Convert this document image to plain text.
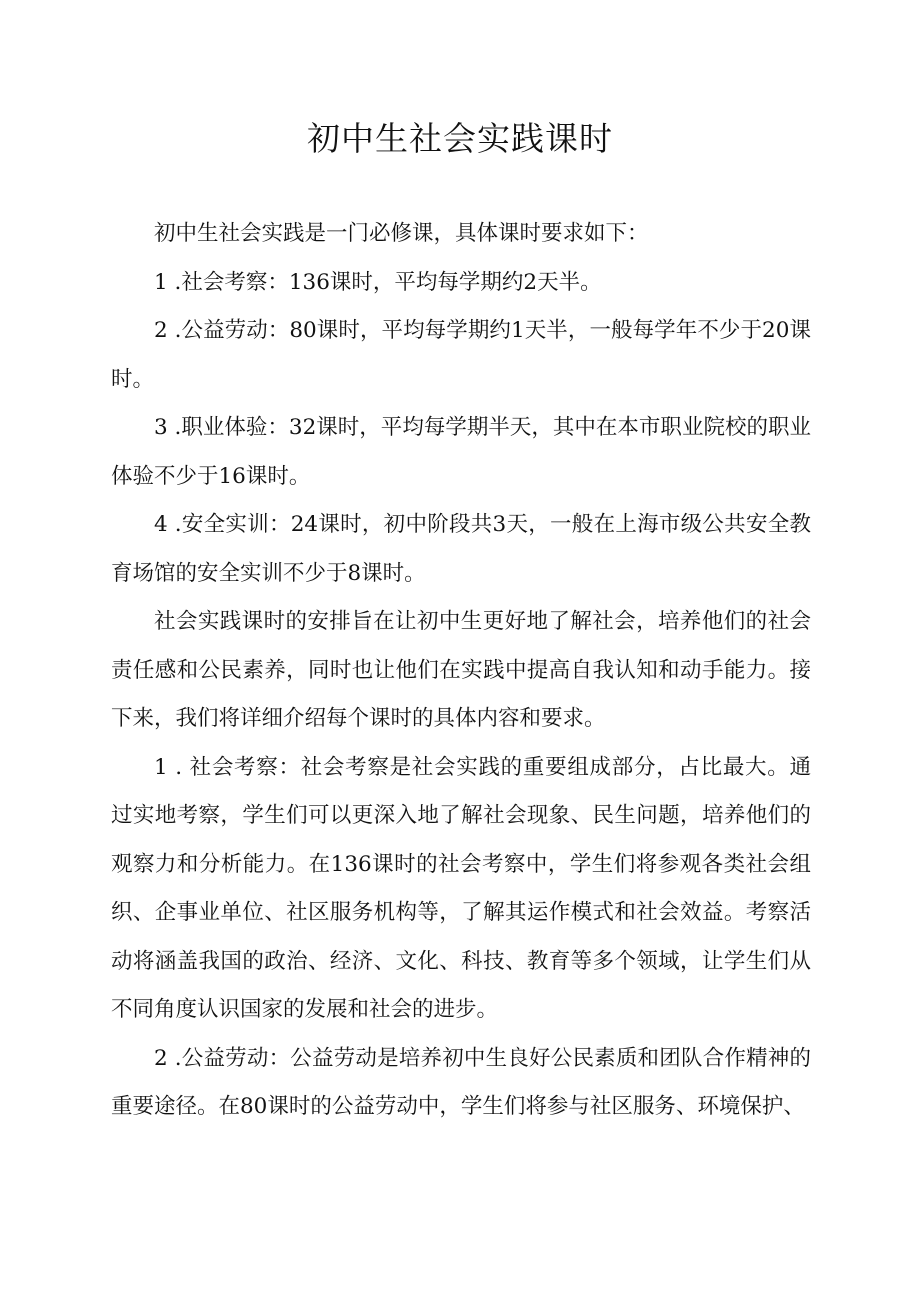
初中生社会实践课时

初中生社会实践是一门必修课，具体课时要求如下：

1 .社会考察：136课时，平均每学期约2天半。

2 .公益劳动：80课时，平均每学期约1天半，一般每学年不少于20课时。

3 .职业体验：32课时，平均每学期半天，其中在本市职业院校的职业体验不少于16课时。

4 .安全实训：24课时，初中阶段共3天，一般在上海市级公共安全教育场馆的安全实训不少于8课时。

社会实践课时的安排旨在让初中生更好地了解社会，培养他们的社会责任感和公民素养，同时也让他们在实践中提高自我认知和动手能力。接下来，我们将详细介绍每个课时的具体内容和要求。

1 . 社会考察：社会考察是社会实践的重要组成部分，占比最大。通过实地考察，学生们可以更深入地了解社会现象、民生问题，培养他们的观察力和分析能力。在136课时的社会考察中，学生们将参观各类社会组织、企事业单位、社区服务机构等，了解其运作模式和社会效益。考察活动将涵盖我国的政治、经济、文化、科技、教育等多个领域，让学生们从不同角度认识国家的发展和社会的进步。

2 .公益劳动：公益劳动是培养初中生良好公民素质和团队合作精神的重要途径。在80课时的公益劳动中，学生们将参与社区服务、环境保护、
